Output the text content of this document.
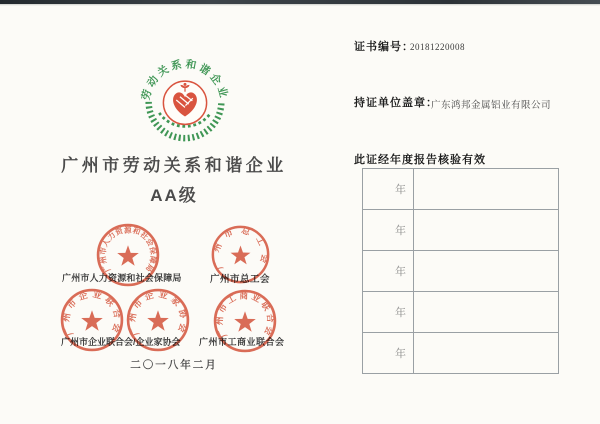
劳动关系和谐企业
广州市劳动关系和谐企业
AA级
广州市人力资源和社会保障局	广州市总工会
广州市企业联合会/企业家协会 广州市工商业联合会
广州市人力资源和社会保障局	广州市总工会
广州市企业联合会 广州市企业家协会	广州市工商业联合会
二〇一八年二月
证书编号：
20181220008
持证单位盖章：
广东鸿邦金属铝业有限公司
此证经年度报告核验有效
年
年
年
年
年
